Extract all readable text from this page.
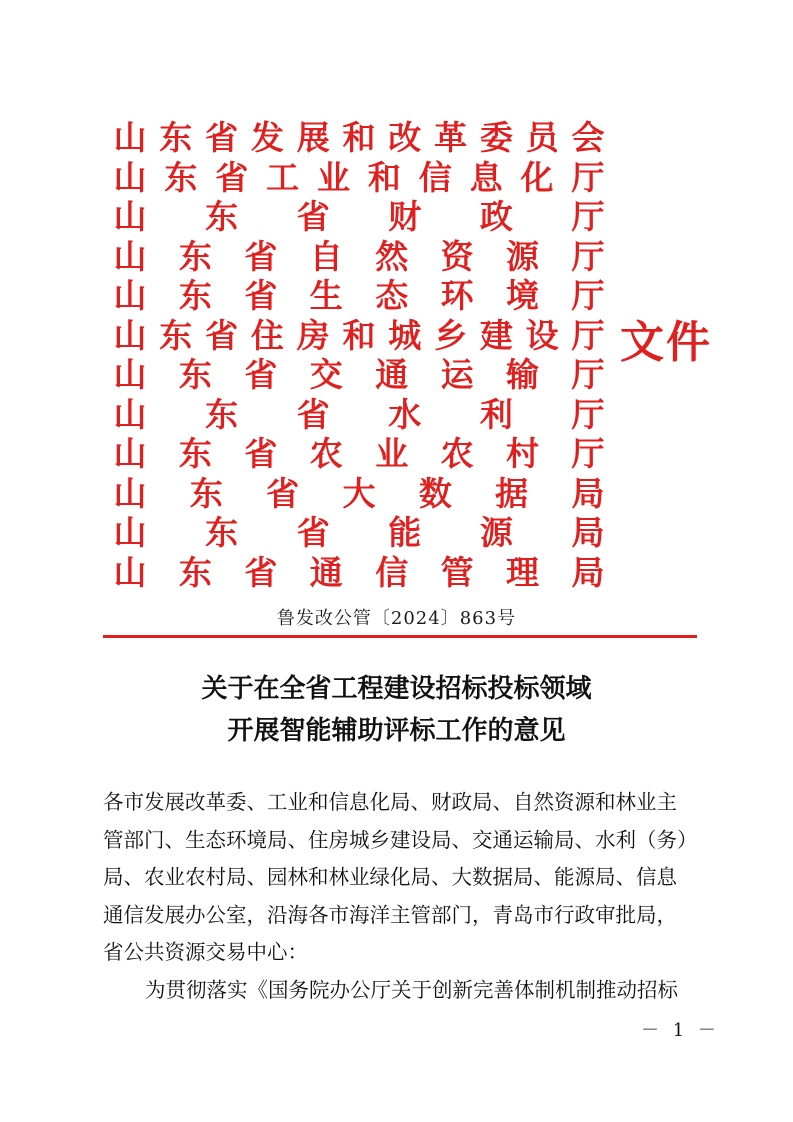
山 东 省 发 展 和 改 革 委 员 会
山 东 省 工 业 和 信 息 化 厅
山 东 省 财 政 厅
山 东 省 自 然 资 源 厅
山 东 省 生 态 环 境 厅
山 东 省 住 房 和 城 乡 建 设 厅
山 东 省 交 通 运 输 厅
山 东 省 水 利 厅
山 东 省 农 业 农 村 厅
山 东 省 大 数 据 局
山 东 省 能 源 局
山 东 省 通 信 管 理 局
文件
鲁发改公管〔2024〕863号
关于在全省工程建设招标投标领域
开展智能辅助评标工作的意见
各市发展改革委、工业和信息化局、财政局、自然资源和林业主
管部门、生态环境局、住房城乡建设局、交通运输局、水利（务）
局、农业农村局、园林和林业绿化局、大数据局、能源局、信息
通信发展办公室，沿海各市海洋主管部门，青岛市行政审批局，
省公共资源交易中心：
为贯彻落实《国务院办公厅关于创新完善体制机制推动招标
－ 1 －
